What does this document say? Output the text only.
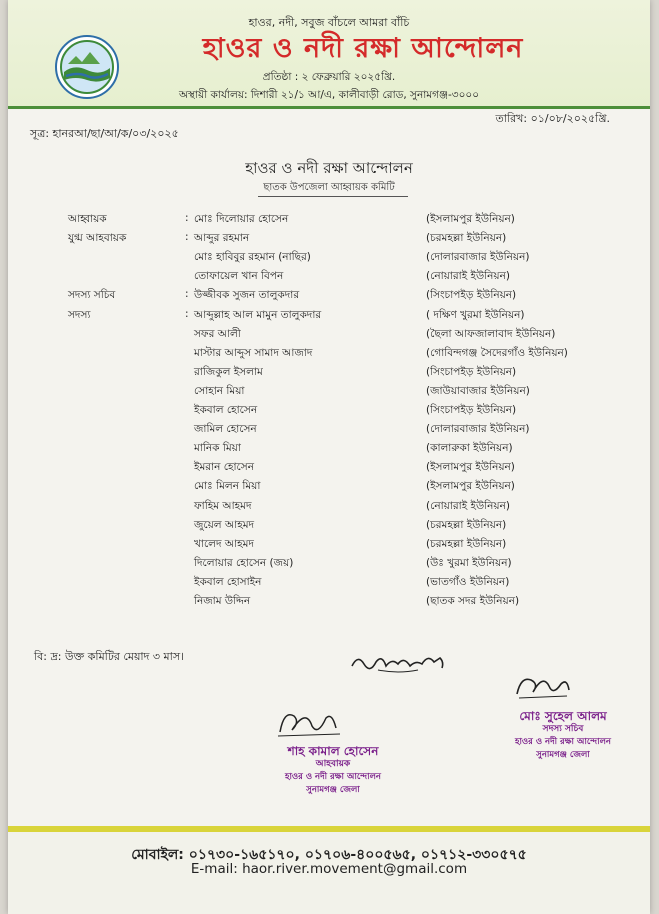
হাওর, নদী, সবুজ বাঁচলে আমরা বাঁচি
হাওর ও নদী রক্ষা আন্দোলন
প্রতিষ্ঠা : ২ ফেব্রুয়ারি ২০২৫খ্রি.
অস্থায়ী কার্যালয়: দিশারী ২১/১ আ/এ, কালীবাড়ী রোড, সুনামগঞ্জ-৩০০০
তারিখ: ০১/০৮/২০২৫খ্রি.
সূত্র: হানরআ/ছা/আ/ক/০৩/২০২৫
হাওর ও নদী রক্ষা আন্দোলন
ছাতক উপজেলা আহ্বায়ক কমিটি
আহ্বায়ক	: মোঃ দিলোয়ার হোসেন	(ইসলামপুর ইউনিয়ন)
যুগ্ম আহবায়ক	: আব্দুর রহমান	(চরমহল্লা ইউনিয়ন)
মোঃ হাবিবুর রহমান (নাছির)	(দোলারবাজার ইউনিয়ন)
তোফায়েল খান বিপন	(নোয়ারাই ইউনিয়ন)
সদস্য সচিব	: উজ্জীবক সুজন তালুকদার	(সিংচাপইড় ইউনিয়ন)
সদস্য	: আব্দুল্লাহ আল মামুন তালুকদার	( দক্ষিণ খুরমা ইউনিয়ন)
সফর আলী	(ছৈলা আফজালাবাদ ইউনিয়ন)
মাস্টার আব্দুস সামাদ আজাদ	(গোবিন্দগঞ্জ সৈদেরগাঁও ইউনিয়ন)
রাজিকুল ইসলাম	(সিংচাপইড় ইউনিয়ন)
সোহান মিয়া	(জাউয়াবাজার ইউনিয়ন)
ইকবাল হোসেন	(সিংচাপইড় ইউনিয়ন)
জামিল হোসেন	(দোলারবাজার ইউনিয়ন)
মানিক মিয়া	(কালারুকা ইউনিয়ন)
ইমরান হোসেন	(ইসলামপুর ইউনিয়ন)
মোঃ মিলন মিয়া	(ইসলামপুর ইউনিয়ন)
ফাহিম আহমদ	(নোয়ারাই ইউনিয়ন)
জুয়েল আহমদ	(চরমহল্লা ইউনিয়ন)
খালেদ আহমদ	(চরমহল্লা ইউনিয়ন)
দিলোয়ার হোসেন (জয়)	(উঃ খুরমা ইউনিয়ন)
ইকবাল হোসাইন	(ভাতগাঁও ইউনিয়ন)
নিজাম উদ্দিন	(ছাতক সদর ইউনিয়ন)
বি: দ্র: উক্ত কমিটির মেয়াদ ৩ মাস।
শাহ কামাল হোসেন
আহবায়ক
হাওর ও নদী রক্ষা আন্দোলন
সুনামগঞ্জ জেলা
মোঃ সুহেল আলম
সদস্য সচিব
হাওর ও নদী রক্ষা আন্দোলন
সুনামগঞ্জ জেলা
মোবাইল: ০১৭৩০-১৬৫১৭০, ০১৭০৬-৪০০৫৬৫, ০১৭১২-৩৩০৫৭৫
E-mail: haor.river.movement@gmail.com
